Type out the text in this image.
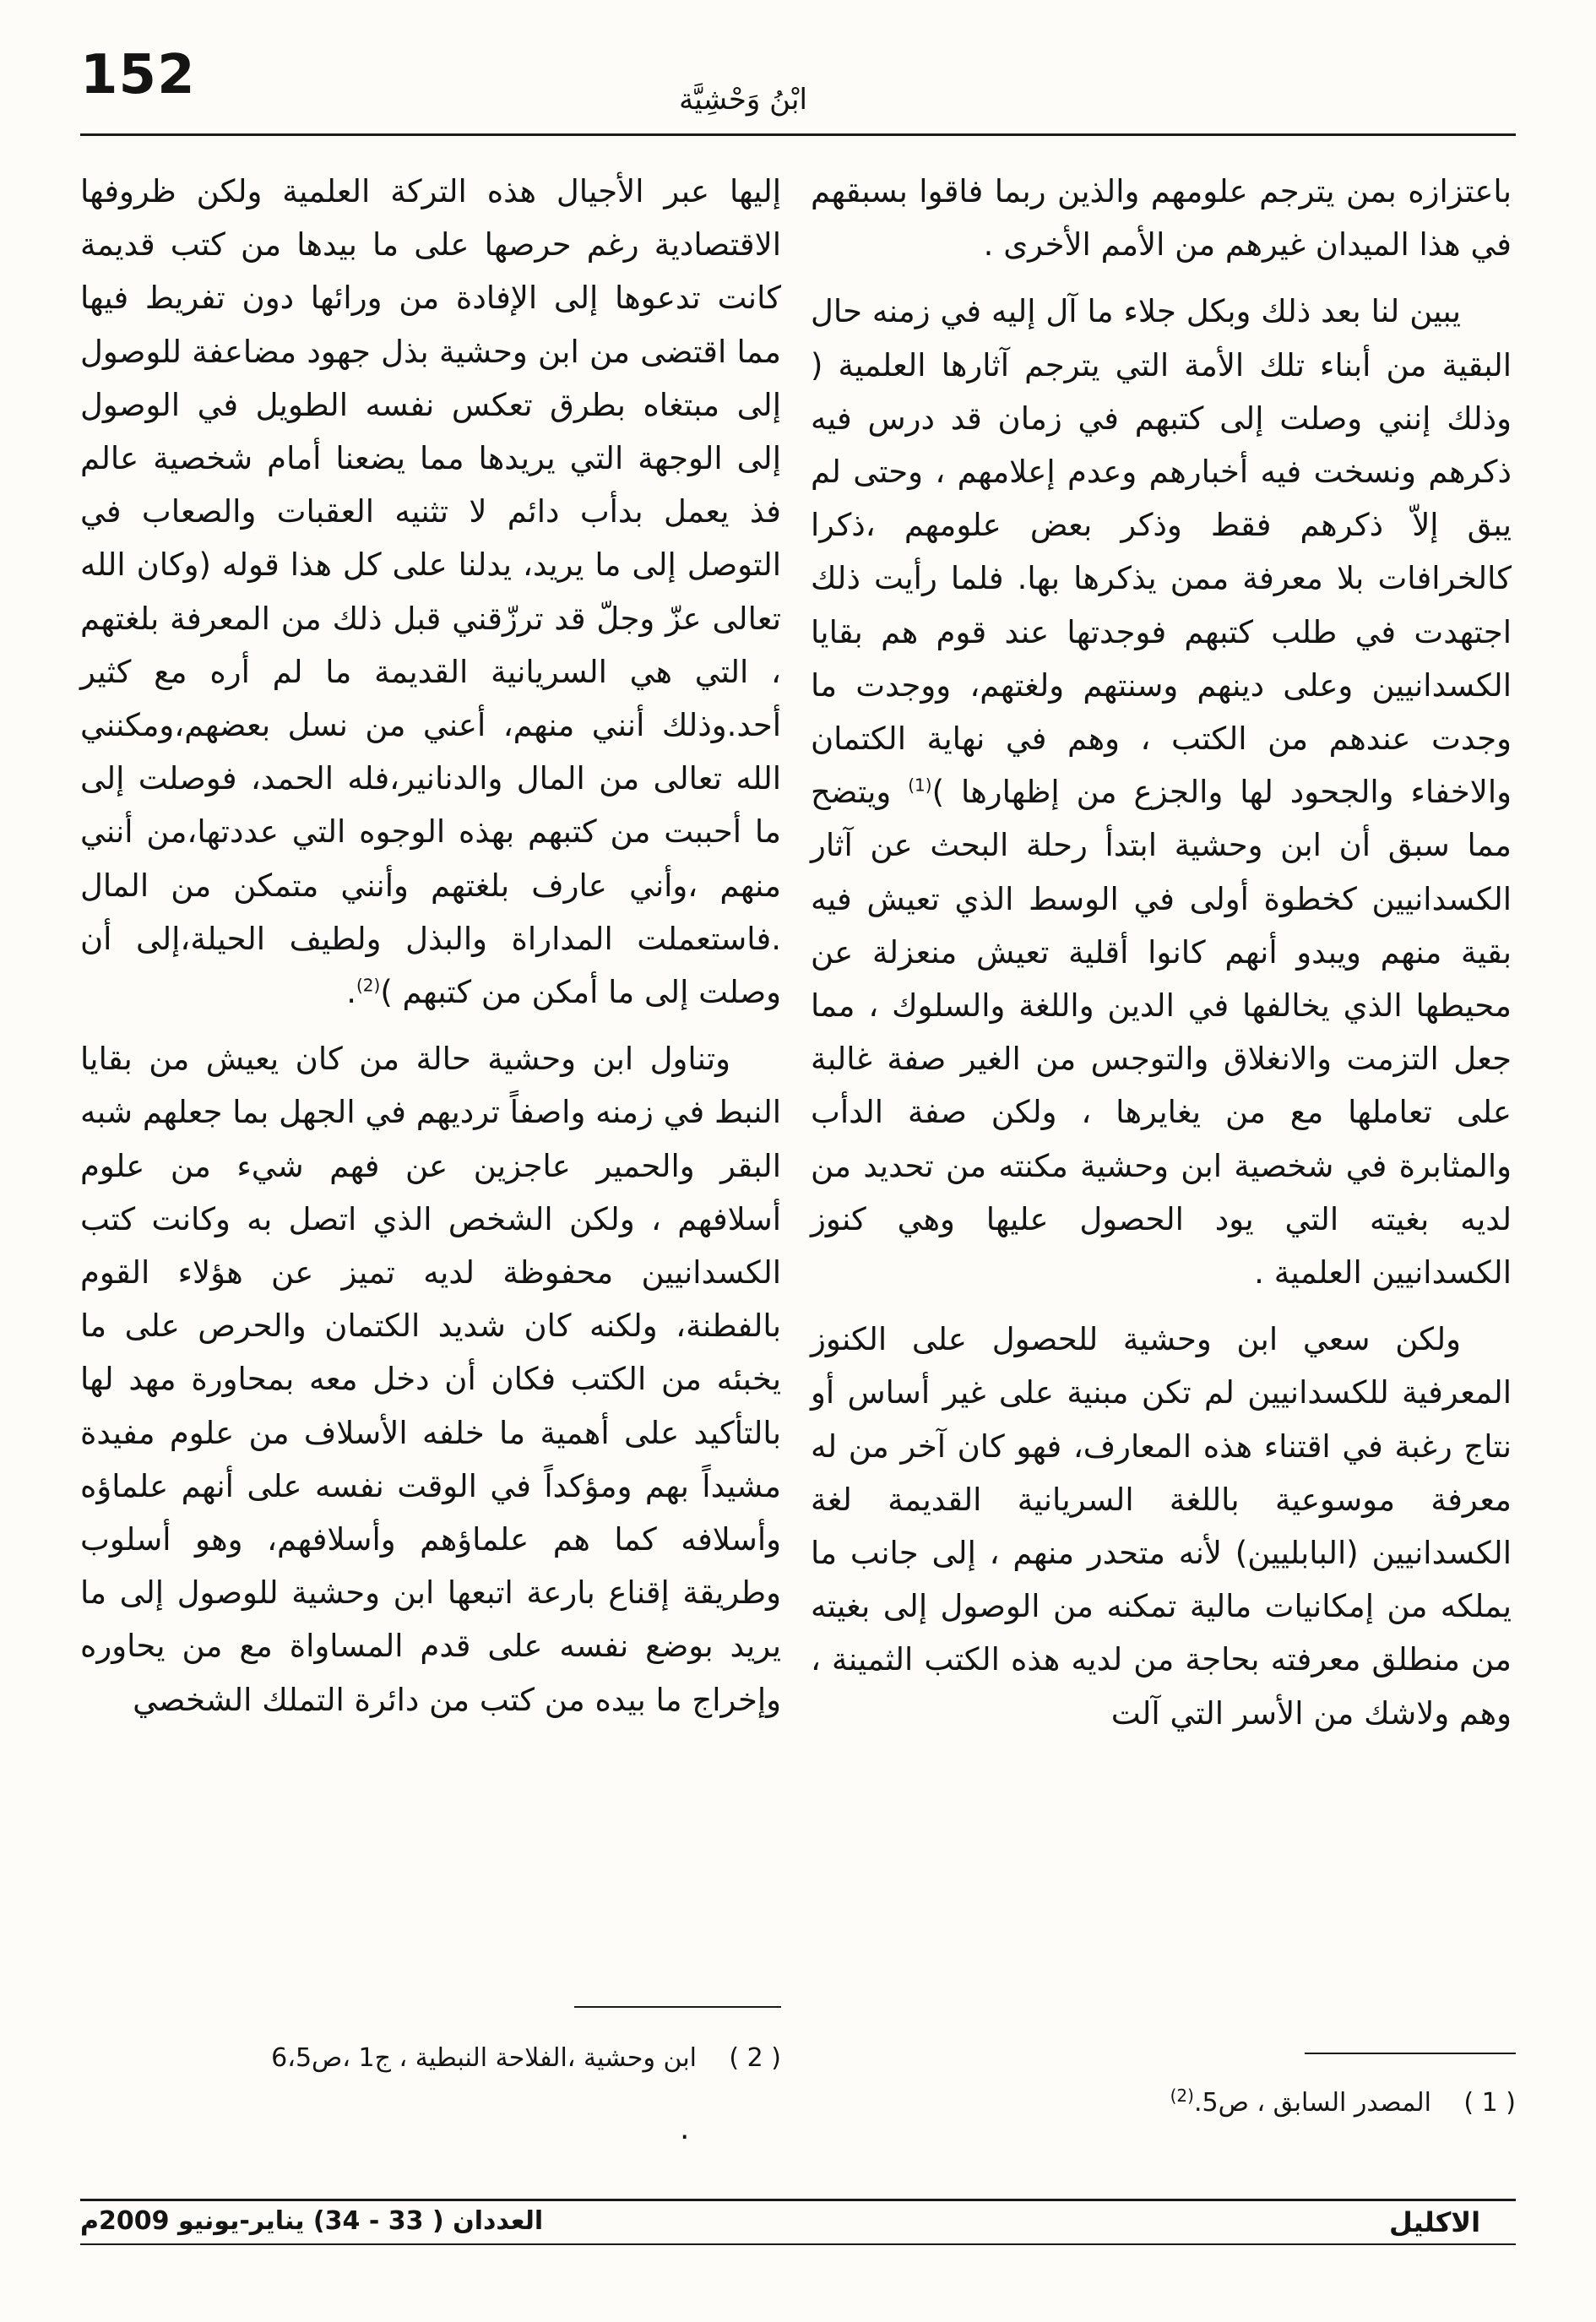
152	ابْنُ وَحْشِيَّة

باعتزازه بمن يترجم علومهم والذين ربما فاقوا بسبقهم في هذا الميدان غيرهم من الأمم الأخرى .

يبين لنا بعد ذلك وبكل جلاء ما آل إليه في زمنه حال البقية من أبناء تلك الأمة التي يترجم آثارها العلمية ( وذلك إنني وصلت إلى كتبهم في زمان قد درس فيه ذكرهم ونسخت فيه أخبارهم وعدم إعلامهم ، وحتى لم يبق إلاّ ذكرهم فقط وذكر بعض علومهم ،ذكرا كالخرافات بلا معرفة ممن يذكرها بها. فلما رأيت ذلك اجتهدت في طلب كتبهم فوجدتها عند قوم هم بقايا الكسدانيين وعلى دينهم وسنتهم ولغتهم، ووجدت ما وجدت عندهم من الكتب ، وهم في نهاية الكتمان والاخفاء والجحود لها والجزع من إظهارها )$^{(1)}$ ويتضح مما سبق أن ابن وحشية ابتدأ رحلة البحث عن آثار الكسدانيين كخطوة أولى في الوسط الذي تعيش فيه بقية منهم ويبدو أنهم كانوا أقلية تعيش منعزلة عن محيطها الذي يخالفها في الدين واللغة والسلوك ، مما جعل التزمت والانغلاق والتوجس من الغير صفة غالبة على تعاملها مع من يغايرها ، ولكن صفة الدأب والمثابرة في شخصية ابن وحشية مكنته من تحديد من لديه بغيته التي يود الحصول عليها وهي كنوز الكسدانيين العلمية .

ولكن سعي ابن وحشية للحصول على الكنوز المعرفية للكسدانيين لم تكن مبنية على غير أساس أو نتاج رغبة في اقتناء هذه المعارف، فهو كان آخر من له معرفة موسوعية باللغة السريانية القديمة لغة الكسدانيين (البابليين) لأنه متحدر منهم ، إلى جانب ما يملكه من إمكانيات مالية تمكنه من الوصول إلى بغيته من منطلق معرفته بحاجة من لديه هذه الكتب الثمينة ، وهم ولاشك من الأسر التي آلت

إليها عبر الأجيال هذه التركة العلمية ولكن ظروفها الاقتصادية رغم حرصها على ما بيدها من كتب قديمة كانت تدعوها إلى الإفادة من ورائها دون تفريط فيها مما اقتضى من ابن وحشية بذل جهود مضاعفة للوصول إلى مبتغاه بطرق تعكس نفسه الطويل في الوصول إلى الوجهة التي يريدها مما يضعنا أمام شخصية عالم فذ يعمل بدأب دائم لا تثنيه العقبات والصعاب في التوصل إلى ما يريد، يدلنا على كل هذا قوله (وكان الله تعالى عزّ وجلّ قد ترزّقني قبل ذلك من المعرفة بلغتهم ، التي هي السريانية القديمة ما لم أره مع كثير أحد.وذلك أنني منهم، أعني من نسل بعضهم،ومكنني الله تعالى من المال والدنانير،فله الحمد، فوصلت إلى ما أحببت من كتبهم بهذه الوجوه التي عددتها،من أنني منهم ،وأني عارف بلغتهم وأنني متمكن من المال .فاستعملت المداراة والبذل ولطيف الحيلة،إلى أن وصلت إلى ما أمكن من كتبهم )$^{(2)}$.

وتناول ابن وحشية حالة من كان يعيش من بقايا النبط في زمنه واصفاً ترديهم في الجهل بما جعلهم شبه البقر والحمير عاجزين عن فهم شيء من علوم أسلافهم ، ولكن الشخص الذي اتصل به وكانت كتب الكسدانيين محفوظة لديه تميز عن هؤلاء القوم بالفطنة، ولكنه كان شديد الكتمان والحرص على ما يخبئه من الكتب فكان أن دخل معه بمحاورة مهد لها بالتأكيد على أهمية ما خلفه الأسلاف من علوم مفيدة مشيداً بهم ومؤكداً في الوقت نفسه على أنهم علماؤه وأسلافه كما هم علماؤهم وأسلافهم، وهو أسلوب وطريقة إقناع بارعة اتبعها ابن وحشية للوصول إلى ما يريد بوضع نفسه على قدم المساواة مع من يحاوره وإخراج ما بيده من كتب من دائرة التملك الشخصي

( 1 )المصدر السابق ، ص5.$^{(2)}$
( 2 )ابن وحشية ،الفلاحة النبطية ، ج1 ،ص6،5
.
الاكليل
العددان ( 33 - 34) يناير-يونيو 2009م
